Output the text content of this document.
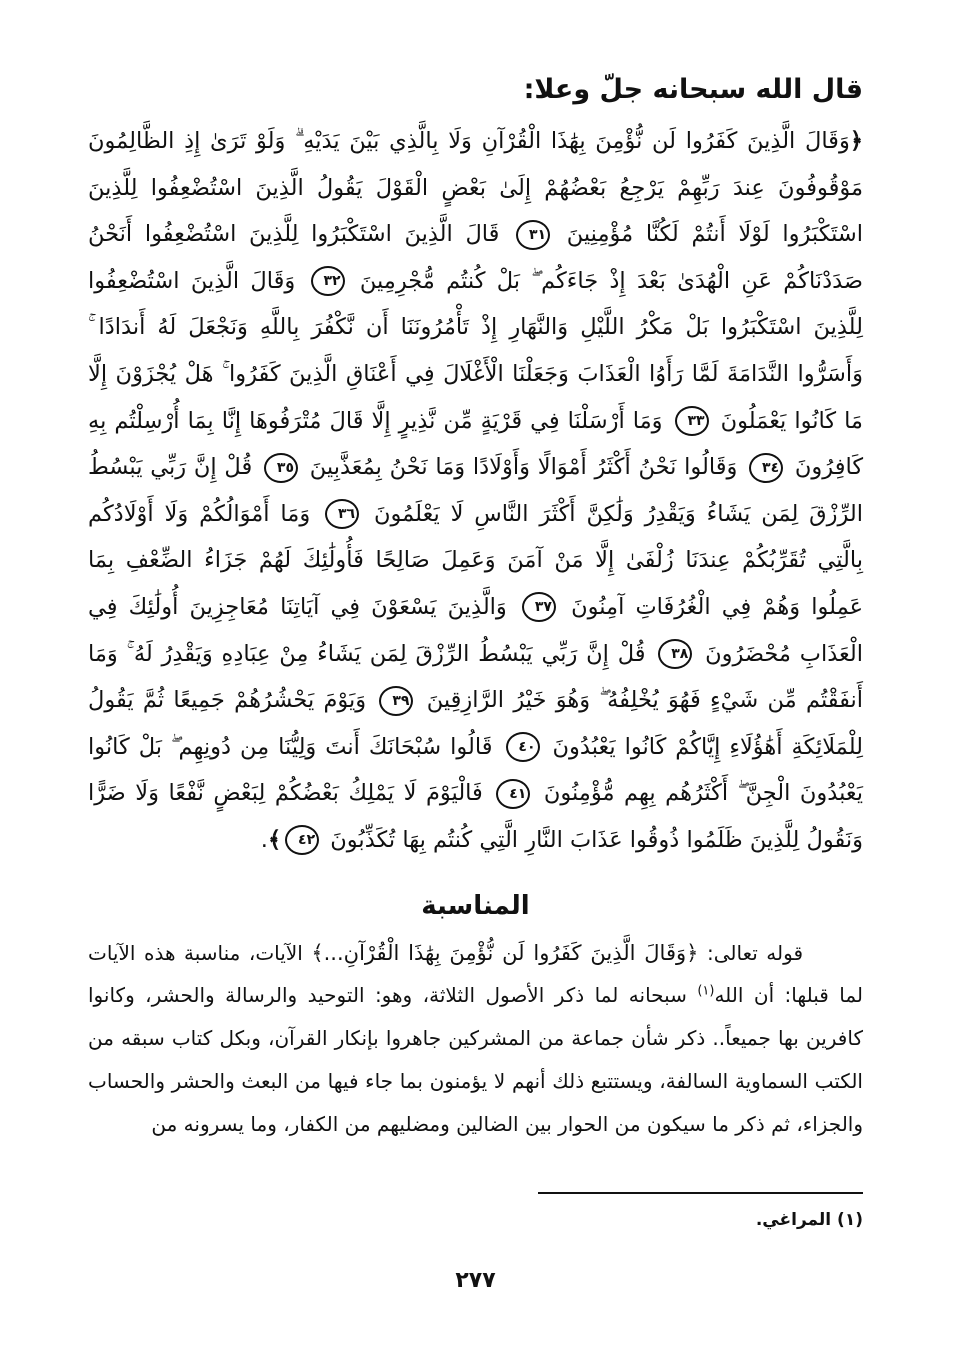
قال الله سبحانه جلّ وعلا:

﴿وَقَالَ الَّذِينَ كَفَرُوا لَن نُّؤْمِنَ بِهَٰذَا الْقُرْآنِ وَلَا بِالَّذِي بَيْنَ يَدَيْهِ ۗ وَلَوْ تَرَىٰ إِذِ الظَّالِمُونَ مَوْقُوفُونَ عِندَ رَبِّهِمْ يَرْجِعُ بَعْضُهُمْ إِلَىٰ بَعْضٍ الْقَوْلَ يَقُولُ الَّذِينَ اسْتُضْعِفُوا لِلَّذِينَ اسْتَكْبَرُوا لَوْلَا أَنتُمْ لَكُنَّا مُؤْمِنِينَ ٣١ قَالَ الَّذِينَ اسْتَكْبَرُوا لِلَّذِينَ اسْتُضْعِفُوا أَنَحْنُ صَدَدْنَاكُمْ عَنِ الْهُدَىٰ بَعْدَ إِذْ جَاءَكُم ۖ بَلْ كُنتُم مُّجْرِمِينَ ٣٢ وَقَالَ الَّذِينَ اسْتُضْعِفُوا لِلَّذِينَ اسْتَكْبَرُوا بَلْ مَكْرُ اللَّيْلِ وَالنَّهَارِ إِذْ تَأْمُرُونَنَا أَن نَّكْفُرَ بِاللَّهِ وَنَجْعَلَ لَهُ أَندَادًا ۚ وَأَسَرُّوا النَّدَامَةَ لَمَّا رَأَوُا الْعَذَابَ وَجَعَلْنَا الْأَغْلَالَ فِي أَعْنَاقِ الَّذِينَ كَفَرُوا ۚ هَلْ يُجْزَوْنَ إِلَّا مَا كَانُوا يَعْمَلُونَ ٣٣ وَمَا أَرْسَلْنَا فِي قَرْيَةٍ مِّن نَّذِيرٍ إِلَّا قَالَ مُتْرَفُوهَا إِنَّا بِمَا أُرْسِلْتُم بِهِ كَافِرُونَ ٣٤ وَقَالُوا نَحْنُ أَكْثَرُ أَمْوَالًا وَأَوْلَادًا وَمَا نَحْنُ بِمُعَذَّبِينَ ٣٥ قُلْ إِنَّ رَبِّي يَبْسُطُ الرِّزْقَ لِمَن يَشَاءُ وَيَقْدِرُ وَلَٰكِنَّ أَكْثَرَ النَّاسِ لَا يَعْلَمُونَ ٣٦ وَمَا أَمْوَالُكُمْ وَلَا أَوْلَادُكُم بِالَّتِي تُقَرِّبُكُمْ عِندَنَا زُلْفَىٰ إِلَّا مَنْ آمَنَ وَعَمِلَ صَالِحًا فَأُولَٰئِكَ لَهُمْ جَزَاءُ الضِّعْفِ بِمَا عَمِلُوا وَهُمْ فِي الْغُرُفَاتِ آمِنُونَ ٣٧ وَالَّذِينَ يَسْعَوْنَ فِي آيَاتِنَا مُعَاجِزِينَ أُولَٰئِكَ فِي الْعَذَابِ مُحْضَرُونَ ٣٨ قُلْ إِنَّ رَبِّي يَبْسُطُ الرِّزْقَ لِمَن يَشَاءُ مِنْ عِبَادِهِ وَيَقْدِرُ لَهُ ۚ وَمَا أَنفَقْتُم مِّن شَيْءٍ فَهُوَ يُخْلِفُهُ ۖ وَهُوَ خَيْرُ الرَّازِقِينَ ٣٩ وَيَوْمَ يَحْشُرُهُمْ جَمِيعًا ثُمَّ يَقُولُ لِلْمَلَائِكَةِ أَهَٰؤُلَاءِ إِيَّاكُمْ كَانُوا يَعْبُدُونَ ٤٠ قَالُوا سُبْحَانَكَ أَنتَ وَلِيُّنَا مِن دُونِهِم ۖ بَلْ كَانُوا يَعْبُدُونَ الْجِنَّ ۖ أَكْثَرُهُم بِهِم مُّؤْمِنُونَ ٤١ فَالْيَوْمَ لَا يَمْلِكُ بَعْضُكُمْ لِبَعْضٍ نَّفْعًا وَلَا ضَرًّا وَنَقُولُ لِلَّذِينَ ظَلَمُوا ذُوقُوا عَذَابَ النَّارِ الَّتِي كُنتُم بِهَا تُكَذِّبُونَ ٤٢﴾.

المناسبة

قوله تعالى: ﴿وَقَالَ الَّذِينَ كَفَرُوا لَن نُّؤْمِنَ بِهَٰذَا الْقُرْآنِ...﴾ الآيات، مناسبة هذه الآيات لما قبلها: أن الله$^{(١)}$ سبحانه لما ذكر الأصول الثلاثة، وهو: التوحيد والرسالة والحشر، وكانوا كافرين بها جميعاً.. ذكر شأن جماعة من المشركين جاهروا بإنكار القرآن، وبكل كتاب سبقه من الكتب السماوية السالفة، ويستتبع ذلك أنهم لا يؤمنون بما جاء فيها من البعث والحشر والحساب والجزاء، ثم ذكر ما سيكون من الحوار بين الضالين ومضليهم من الكفار، وما يسرونه من

(١) المراغي.
٢٧٧
